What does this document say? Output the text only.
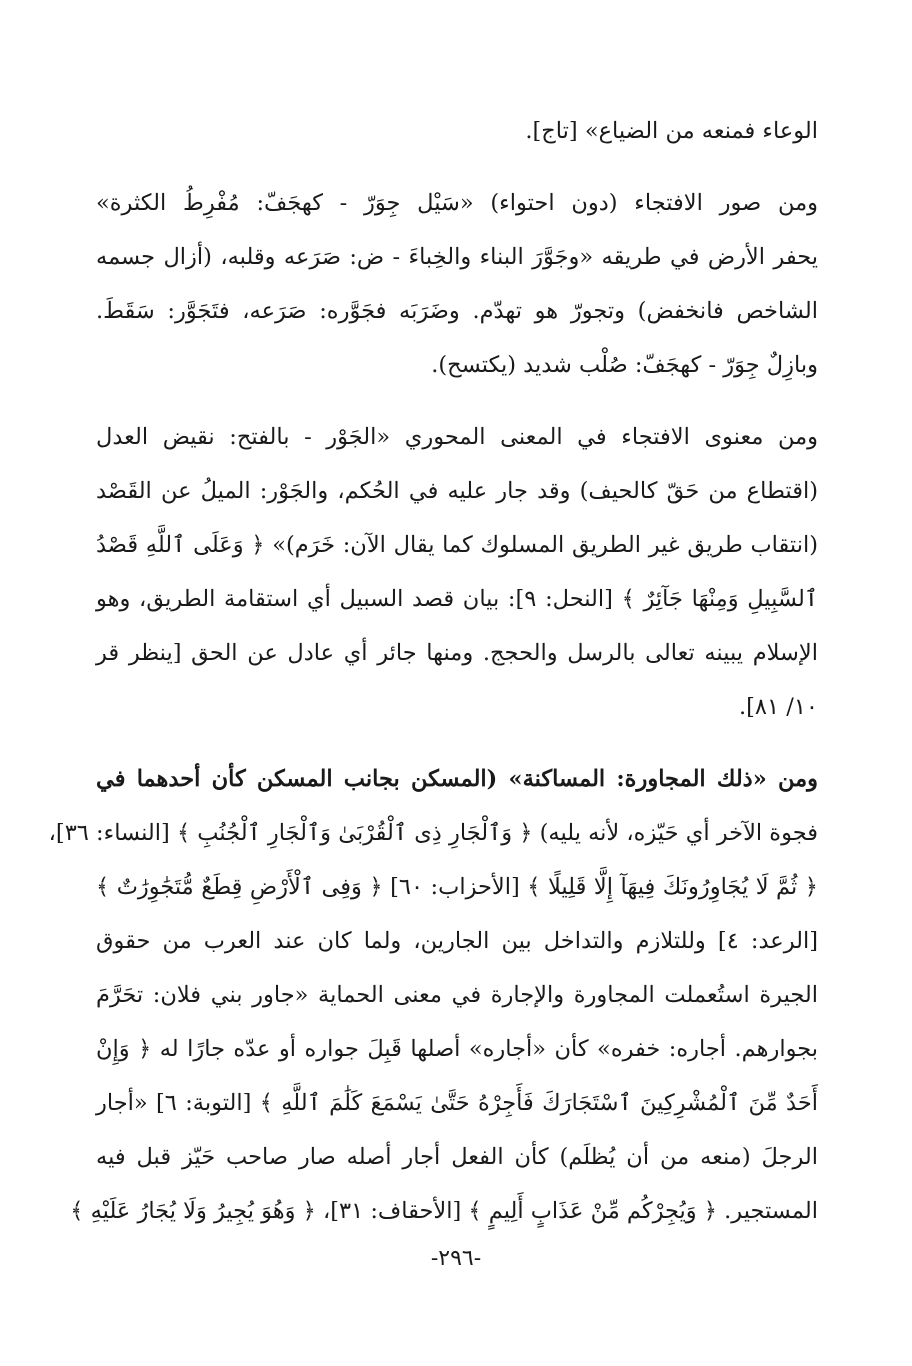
الوعاء فمنعه من الضياع» [تاج].
ومن صور الافتجاء (دون احتواء) «سَيْل جِوَرّ - كهجَفّ: مُفْرِطُ الكثرة»
يحفر الأرض في طريقه «وجَوَّرَ البناء والخِباءَ - ض: صَرَعه وقلبه، (أزال جسمه
الشاخص فانخفض) وتجورّ هو تهدّم. وضَرَبَه فجَوَّره: صَرَعه، فتَجَوَّر: سَقَطَ.
وبازِلٌ جِوَرّ - كهجَفّ: صُلْب شديد (يكتسح).
ومن معنوى الافتجاء في المعنى المحوري «الجَوْر - بالفتح: نقيض العدل
(اقتطاع من حَقّ كالحيف) وقد جار عليه في الحُكم، والجَوْر: الميلُ عن القَصْد
(انتقاب طريق غير الطريق المسلوك كما يقال الآن: خَرَم)» ﴿ وَعَلَى ٱللَّهِ قَصْدُ
ٱلسَّبِيلِ وَمِنْهَا جَآئِرٌ ﴾ [النحل: ٩]: بيان قصد السبيل أي استقامة الطريق، وهو
الإسلام يبينه تعالى بالرسل والحجج. ومنها جائر أي عادل عن الحق [ينظر قر
١٠/ ٨١].
ومن «ذلك المجاورة: المساكنة» (المسكن بجانب المسكن كأن أحدهما في
فجوة الآخر أي حَيّزه، لأنه يليه) ﴿ وَٱلْجَارِ ذِى ٱلْقُرْبَىٰ وَٱلْجَارِ ٱلْجُنُبِ ﴾ [النساء: ٣٦]،
﴿ ثُمَّ لَا يُجَاوِرُونَكَ فِيهَآ إِلَّا قَلِيلًا ﴾ [الأحزاب: ٦٠] ﴿ وَفِى ٱلْأَرْضِ قِطَعٌ مُّتَجَٰوِرَٰتٌ ﴾
[الرعد: ٤] وللتلازم والتداخل بين الجارين، ولما كان عند العرب من حقوق
الجيرة استُعملت المجاورة والإجارة في معنى الحماية «جاور بني فلان: تحَرَّمَ
بجوارهم. أجاره: خفره» كأن «أجاره» أصلها قَبِلَ جواره أو عدّه جارًا له ﴿ وَإِنْ
أَحَدٌ مِّنَ ٱلْمُشْرِكِينَ ٱسْتَجَارَكَ فَأَجِرْهُ حَتَّىٰ يَسْمَعَ كَلَٰمَ ٱللَّهِ ﴾ [التوبة: ٦] «أجار
الرجلَ (منعه من أن يُظلَم) كأن الفعل أجار أصله صار صاحب حَيّز قبل فيه
المستجير. ﴿ وَيُجِرْكُم مِّنْ عَذَابٍ أَلِيمٍ ﴾ [الأحقاف: ٣١]، ﴿ وَهُوَ يُجِيرُ وَلَا يُجَارُ عَلَيْهِ ﴾
-٢٩٦-
